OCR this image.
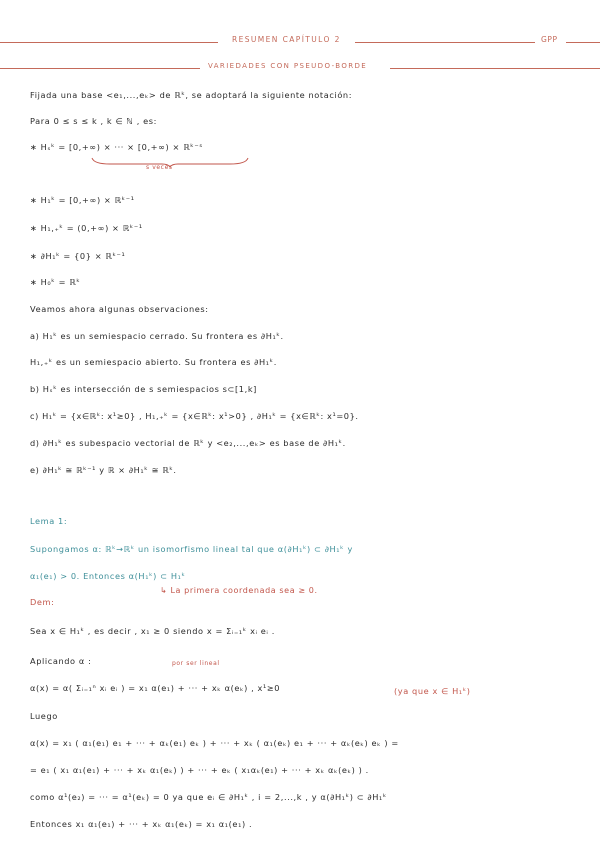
RESUMEN CAPÍTULO 2	GPP
VARIEDADES CON PSEUDO-BORDE
Fijada una base <e₁,...,eₖ> de ℝᵏ, se adoptará la siguiente notación:
Para 0 ≤ s ≤ k , k ∈ ℕ , es:
∗ Hₛᵏ = [0,+∞) × ··· × [0,+∞) × ℝᵏ⁻ˢ
∗ H₁ᵏ = [0,+∞) × ℝᵏ⁻¹
∗ H₁,₊ᵏ = (0,+∞) × ℝᵏ⁻¹
∗ ∂H₁ᵏ = {0} × ℝᵏ⁻¹
∗ H₀ᵏ = ℝᵏ
Veamos ahora algunas observaciones:
a) H₁ᵏ es un semiespacio cerrado. Su frontera es ∂H₁ᵏ.
H₁,₊ᵏ es un semiespacio abierto. Su frontera es ∂H₁ᵏ.
b) Hₛᵏ es intersección de s semiespacios s⊂[1,k]
c) H₁ᵏ = {x∈ℝᵏ: x¹≥0} , H₁,₊ᵏ = {x∈ℝᵏ: x¹>0} , ∂H₁ᵏ = {x∈ℝᵏ: x¹=0}.
d) ∂H₁ᵏ es subespacio vectorial de ℝᵏ y <e₂,...,eₖ> es base de ∂H₁ᵏ.
e) ∂H₁ᵏ ≅ ℝᵏ⁻¹ y ℝ × ∂H₁ᵏ ≅ ℝᵏ.
Lema 1:
Supongamos α: ℝᵏ→ℝᵏ un isomorfismo lineal tal que α(∂H₁ᵏ) ⊂ ∂H₁ᵏ y
α₁(e₁) > 0. Entonces α(H₁ᵏ) ⊂ H₁ᵏ
Dem:
Sea x ∈ H₁ᵏ , es decir , x₁ ≥ 0 siendo x = Σᵢ₌₁ᵏ xᵢ eᵢ .
Aplicando α :
α(x) = α( Σᵢ₌₁ⁿ xᵢ eᵢ ) = x₁ α(e₁) + ··· + xₖ α(eₖ) , x¹≥0
Luego
α(x) = x₁ ( α₁(e₁) e₁ + ··· + αₖ(e₁) eₖ ) + ··· + xₖ ( α₁(eₖ) e₁ + ··· + αₖ(eₖ) eₖ ) =
= e₁ ( x₁ α₁(e₁) + ··· + xₖ α₁(eₖ) ) + ··· + eₖ ( x₁αₖ(e₁) + ··· + xₖ αₖ(eₖ) ) .
como α¹(e₂) = ··· = α¹(eₖ) = 0 ya que eᵢ ∈ ∂H₁ᵏ , i = 2,...,k , y α(∂H₁ᵏ) ⊂ ∂H₁ᵏ
Entonces x₁ α₁(e₁) + ··· + xₖ α₁(eₖ) = x₁ α₁(e₁) .
s veces
↳ La primera coordenada sea ≥ 0.
por ser lineal
(ya que x ∈ H₁ᵏ)
